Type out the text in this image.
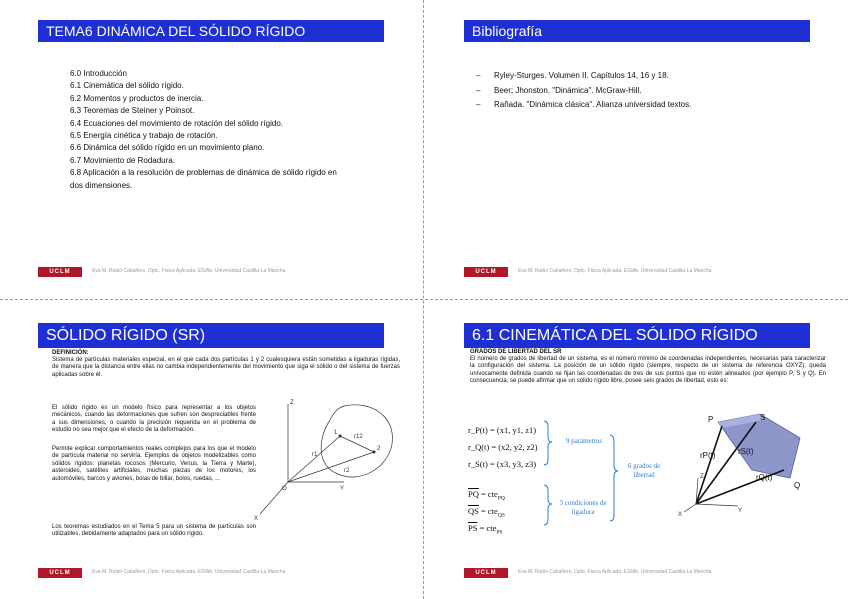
TEMA6 DINÁMICA DEL SÓLIDO RÍGIDO
6.0 Introducción
6.1 Cinemática del sólido rígido.
6.2 Momentos y productos de inercia.
6.3 Teoremas de Steiner y Poinsot.
6.4 Ecuaciones del movimiento de rotación del sólido rígido.
6.5 Energía cinética y trabajo de rotación.
6.6 Dinámica del sólido rígido en un movimiento plano.
6.7 Movimiento de Rodadura.
6.8 Aplicación a la resolución de problemas de dinámica de sólido rígido en dos dimensiones.
UCLM	Eva M. Rubio Cabañero, Dpto. Física Aplicada. ESIAb. Universidad Castilla-La Mancha
Bibliografía
– Ryley-Sturges. Volumen II. Capítulos 14, 16 y 18.
– Beer; Jhonston. "Dinámica". McGraw-Hill.
– Rañada. "Dinámica clásica". Alianza universidad textos.
UCLM	Eva M. Rubio Cabañero, Dpto. Física Aplicada. ESIAb. Universidad Castilla-La Mancha
SÓLIDO RÍGIDO (SR)
DEFINICIÓN:
Sistema de partículas materiales especial, en el que cada dos partículas 1 y 2 cualesquiera están sometidas a ligaduras rígidas, de manera que la distancia entre ellas no cambia independientemente del movimiento que siga el sólido o del sistema de fuerzas aplicadas sobre él.
El sólido rígido es un modelo físico para representar a los objetos mecánicos, cuando las deformaciones que sufren son despreciables frente a sus dimensiones, o cuando la precisión requerida en el problema de estudio no sea mejor que el efecto de la deformación.
Permite explicar comportamientos reales complejos para los que el modelo de partícula material no serviría. Ejemplos de objetos modelizables como sólidos rígidos: planetas rocosos (Mercurio, Venus, la Tierra y Marte), asteroides, satélites artificiales, muchas piezas de los motores, los automóviles, barcos y aviones, bolas de billar, bolos, ruedas, ...
Los teoremas estudiados en el Tema 5 para un sistema de partículas son utilizables, debidamente adaptados para un sólido rígido.
r1
r2
r12
O
X
Y
Z
1
2
UCLM	Eva M. Rubio Cabañero, Dpto. Física Aplicada. ESIAb. Universidad Castilla-La Mancha
6.1 CINEMÁTICA DEL SÓLIDO RÍGIDO
GRADOS DE LIBERTAD DEL SR
El número de grados de libertad de un sistema, es el número mínimo de coordenadas independientes, necesarias para caracterizar la configuración del sistema. La posición de un sólido rígido (siempre, respecto de un sistema de referencia OXYZ), queda unívocamente definida cuando se fijan las coordenadas de tres de sus puntos que no estén alineados (por ejemplo P, S y Q). En consecuencia, se puede afirmar que un sólido rígido libre, posee seis grados de libertad, esto es:
r_P(t) = (x1, y1, z1)
r_Q(t) = (x2, y2, z2)
r_S(t) = (x3, y3, z3)
$\overline{PQ} = cte_{PQ}$
$\overline{QS} = cte_{QS}$
$\overline{PS} = cte_{PS}$
9 parámetros
6 grados de libertad
3 condiciones de ligadura
P	S
Q
rP(t)	rS(t)
rQ(t)
X
Y
Z
UCLM	Eva M. Rubio Cabañero, Dpto. Física Aplicada. ESIAb. Universidad Castilla-La Mancha
